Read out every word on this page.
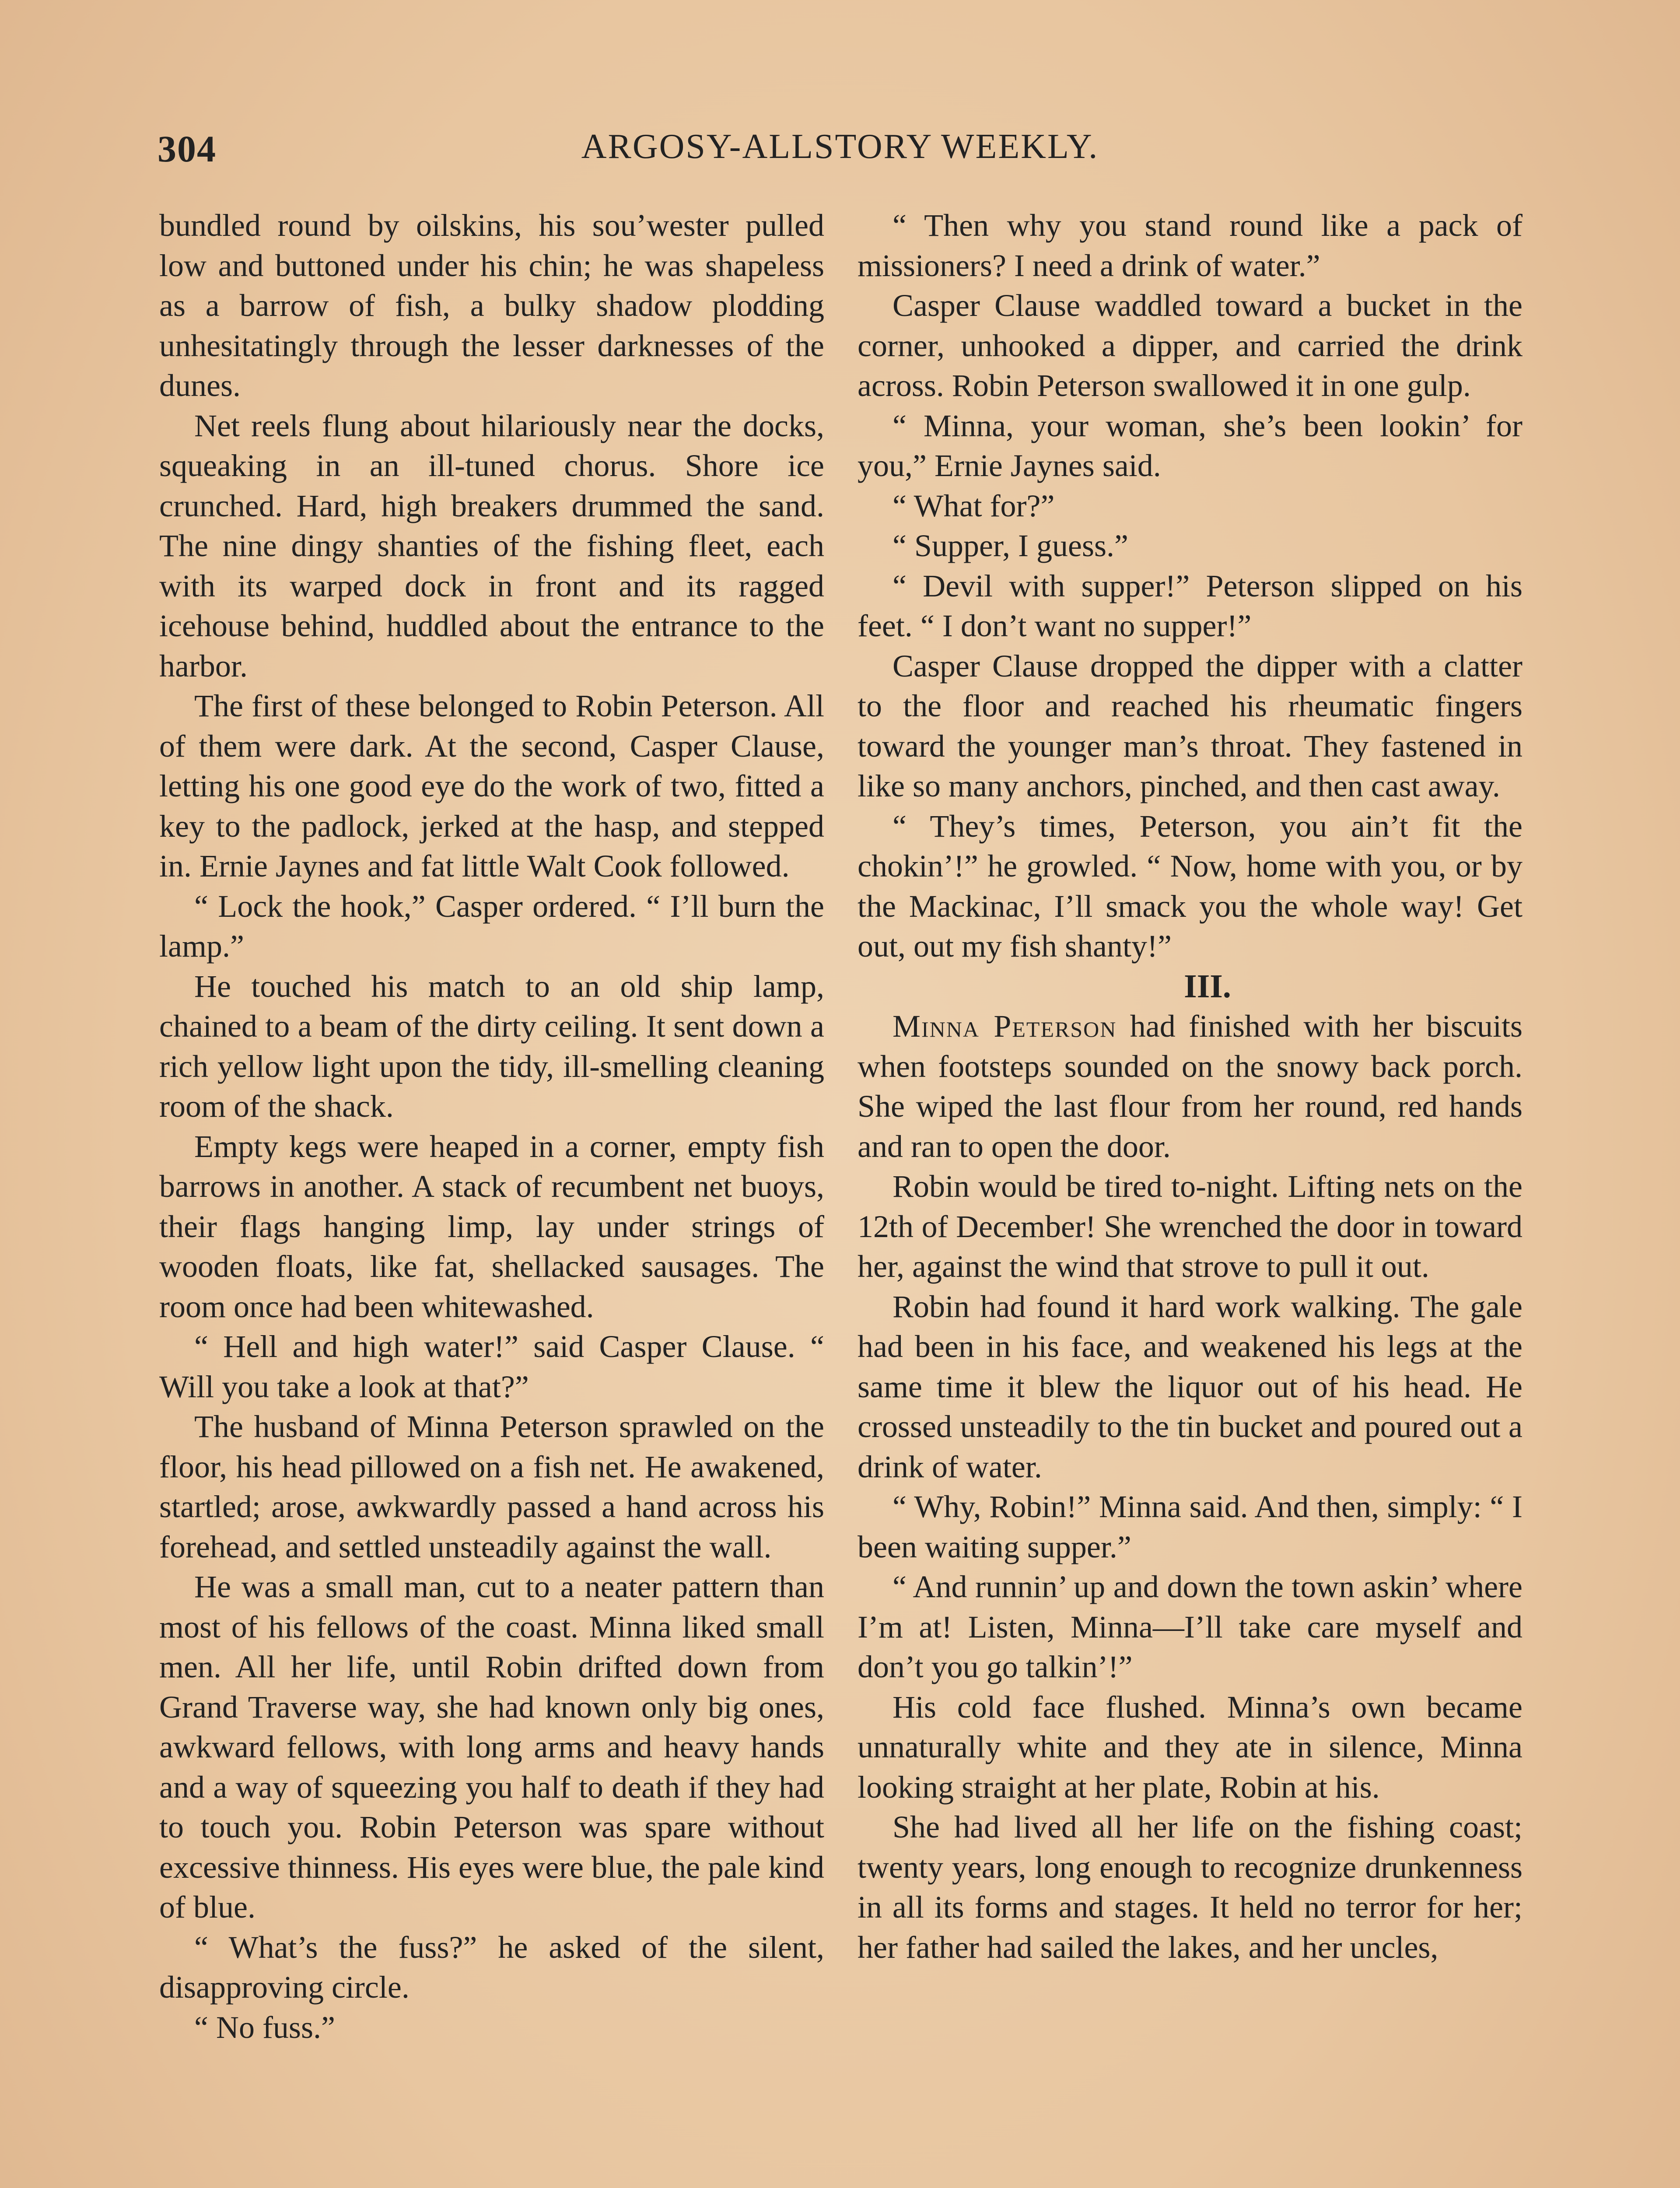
304	ARGOSY-ALLSTORY WEEKLY.

bundled round by oilskins, his sou’wester pulled low and buttoned under his chin; he was shapeless as a barrow of fish, a bulky shadow plodding unhesitatingly through the lesser darknesses of the dunes.

Net reels flung about hilariously near the docks, squeaking in an ill-tuned chorus. Shore ice crunched. Hard, high breakers drummed the sand. The nine dingy shanties of the fishing fleet, each with its warped dock in front and its ragged icehouse behind, huddled about the entrance to the harbor.

The first of these belonged to Robin Peterson. All of them were dark. At the second, Casper Clause, letting his one good eye do the work of two, fitted a key to the padlock, jerked at the hasp, and stepped in. Ernie Jaynes and fat little Walt Cook followed.

“ Lock the hook,” Casper ordered. “ I’ll burn the lamp.”

He touched his match to an old ship lamp, chained to a beam of the dirty ceiling. It sent down a rich yellow light upon the tidy, ill-smelling cleaning room of the shack.

Empty kegs were heaped in a corner, empty fish barrows in another. A stack of recumbent net buoys, their flags hanging limp, lay under strings of wooden floats, like fat, shellacked sausages. The room once had been whitewashed.

“ Hell and high water!” said Casper Clause. “ Will you take a look at that?”

The husband of Minna Peterson sprawled on the floor, his head pillowed on a fish net. He awakened, startled; arose, awkwardly passed a hand across his forehead, and settled unsteadily against the wall.

He was a small man, cut to a neater pattern than most of his fellows of the coast. Minna liked small men. All her life, until Robin drifted down from Grand Traverse way, she had known only big ones, awkward fellows, with long arms and heavy hands and a way of squeezing you half to death if they had to touch you. Robin Peterson was spare without excessive thinness. His eyes were blue, the pale kind of blue.

“ What’s the fuss?” he asked of the silent, disapproving circle.

“ No fuss.”

“ Then why you stand round like a pack of missioners? I need a drink of water.”

Casper Clause waddled toward a bucket in the corner, unhooked a dipper, and carried the drink across. Robin Peterson swallowed it in one gulp.

“ Minna, your woman, she’s been lookin’ for you,” Ernie Jaynes said.

“ What for?”

“ Supper, I guess.”

“ Devil with supper!” Peterson slipped on his feet. “ I don’t want no supper!”

Casper Clause dropped the dipper with a clatter to the floor and reached his rheumatic fingers toward the younger man’s throat. They fastened in like so many anchors, pinched, and then cast away.

“ They’s times, Peterson, you ain’t fit the chokin’!” he growled. “ Now, home with you, or by the Mackinac, I’ll smack you the whole way! Get out, out my fish shanty!”

III.

Minna Peterson had finished with her biscuits when footsteps sounded on the snowy back porch. She wiped the last flour from her round, red hands and ran to open the door.

Robin would be tired to-night. Lifting nets on the 12th of December! She wrenched the door in toward her, against the wind that strove to pull it out.

Robin had found it hard work walking. The gale had been in his face, and weakened his legs at the same time it blew the liquor out of his head. He crossed unsteadily to the tin bucket and poured out a drink of water.

“ Why, Robin!” Minna said. And then, simply: “ I been waiting supper.”

“ And runnin’ up and down the town askin’ where I’m at! Listen, Minna—I’ll take care myself and don’t you go talkin’!”

His cold face flushed. Minna’s own became unnaturally white and they ate in silence, Minna looking straight at her plate, Robin at his.

She had lived all her life on the fishing coast; twenty years, long enough to recognize drunkenness in all its forms and stages. It held no terror for her; her father had sailed the lakes, and her uncles,
